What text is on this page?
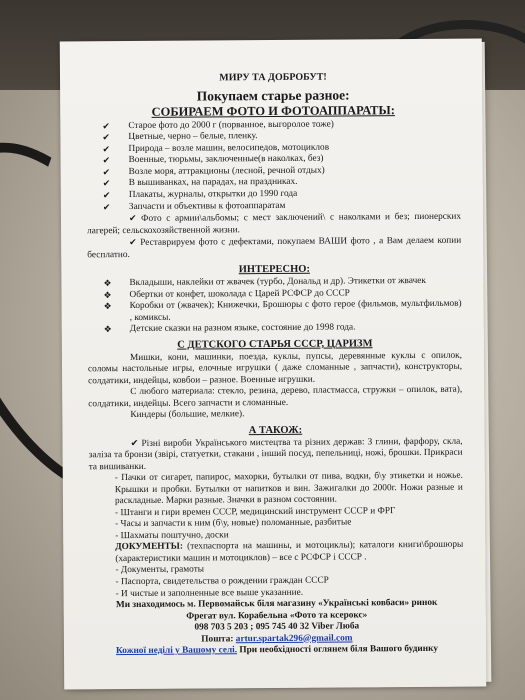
МИРУ ТА ДОБРОБУТ!
Покупаем старье разное:
СОБИРАЕМ ФОТО И ФОТОАППАРАТЫ:
✔ Старое фото до 2000 г (порванное, выгоролое тоже)
✔ Цветные, черно – белые, пленку.
✔ Природа – возле машин, велосипедов, мотоциклов
✔ Военные, тюрьмы, заключенные(в наколках, без)
✔ Возле моря, аттракционы (лесной, речной отдых)
✔ В вышиванках, на парадах, на праздниках.
✔ Плакаты, журналы, открытки до 1990 года
✔ Запчасти и объективы к фотоаппаратам

✔ Фото с армии\альбомы; с мест заключений\ с наколками и без; пионерских лагерей; сельскохозяйственной жизни.

✔ Реставрируем фото с дефектами, покупаем ВАШИ фото , а Вам делаем копии бесплатно.

ИНТЕРЕСНО:
❖ Вкладыши, наклейки от жвачек (турбо, Дональд и др). Этикетки от жвачек
❖ Обертки от конфет, шоколада с Царей РСФСР до СССР
❖ Коробки от (жвачек); Книжечки, Брошюры с фото герое (фильмов, мультфильмов) , комиксы.
❖ Детские сказки на разном языке, состояние до 1998 года.
С ДЕТСКОГО СТАРЬЯ СССР, ЦАРИЗМ

Мишки, кони, машинки, поезда, куклы, пупсы, деревянные куклы с опилок, соломы настольные игры, елочные игрушки ( даже сломанные , запчасти), конструкторы, солдатики, индейцы, ковбои – разное. Военные игрушки.

С любого материала: стекло, резина, дерево, пластмасса, стружки – опилок, вата), солдатики, индейцы. Всего запчасти и сломанные.

Киндеры (большие, мелкие).

А ТАКОЖ:

✔ Різні вироби Українського мистецтва та різних держав: З глини, фарфору, скла, заліза та бронзи (звірі, статуетки, стакани , інший посуд, пепельниці, ножі, брошки. Прикраси та вишиванки.

- Пачки от сигарет, папирос, махорки, бутылки от пива, водки, б\у этикетки и ножье. Крышки и пробки. Бутылки от напитков и вин. Зажигалки до 2000г. Ножи разные и раскладные. Марки разные. Значки в разном состоянии.

- Штанги и гири времен СССР, медицинский инструмент СССР и ФРГ

- Часы и запчасти к ним (б\у, новые) поломанные, разбитые

- Шахматы поштучно, доски

ДОКУМЕНТЫ: (техпаспорта на машины, и мотоциклы); каталоги книги\брошюры (характеристики машин и мотоциклов) – все с РСФСР і СССР .

- Документы, грамоты

- Паспорта, свидетельства о рождении граждан СССР

- И чистые и заполненные все выше указанние.

Ми знаходимось м. Первомайськ біля магазину «Українські ковбаси» ринок
Фрегат вул. Корабельна «Фото та ксерокс»
098 703 5 203 ; 095 745 40 32 Viber Люба
Пошта: artur.spartak296@gmail.com
Кожної неділі у Вашому селі. При необхідності оглянем біля Вашого будинку
